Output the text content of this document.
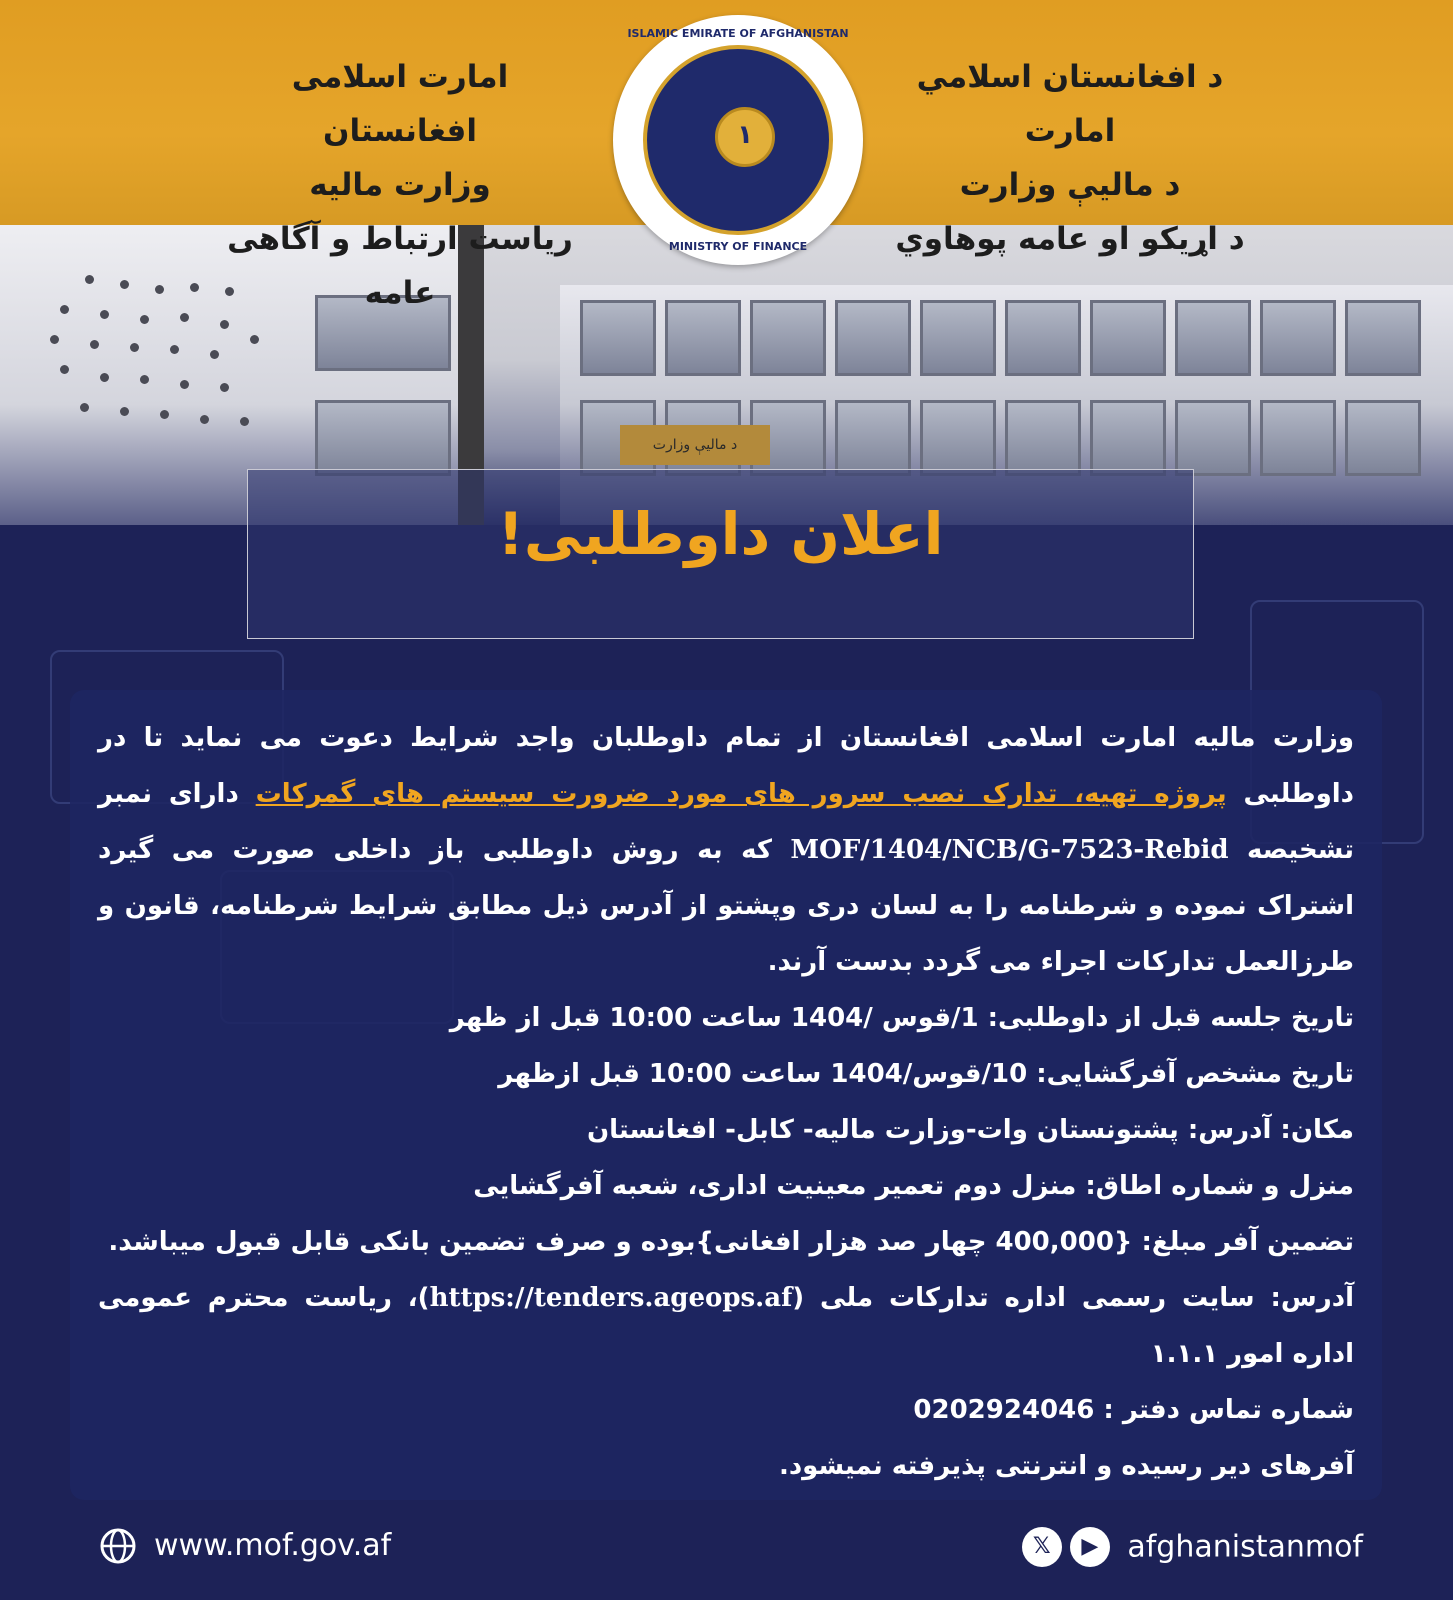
د ماليې وزارت
امارت اسلامی افغانستان
وزارت مالیه
ریاست ارتباط و آگاهی عامه
د افغانستان اسلامي امارت
د ماليې وزارت
د اړيکو او عامه پوهاوي
ISLAMIC EMIRATE OF AFGHANISTAN
١
MINISTRY OF FINANCE
اعلان داوطلبی!

وزارت مالیه امارت اسلامی افغانستان از تمام داوطلبان واجد شرایط دعوت می نماید تا در داوطلبی پروژه تهیه، تدارک نصب سرور های مورد ضرورت سیستم های گمرکات دارای نمبر تشخیصه MOF/1404/NCB/G-7523-Rebid که به روش داوطلبی باز داخلی صورت می گیرد اشتراک نموده و شرطنامه را به لسان دری وپشتو از آدرس ذیل مطابق شرایط شرطنامه، قانون و طرزالعمل تدارکات اجراء می گردد بدست آرند.

تاریخ جلسه قبل از داوطلبی: 1/قوس /1404 ساعت 10:00 قبل از ظهر

تاریخ مشخص آفرگشایی: 10/قوس/1404 ساعت 10:00 قبل ازظهر

مکان: آدرس: پشتونستان وات-وزارت مالیه- کابل- افغانستان

منزل و شماره اطاق: منزل دوم تعمیر معینیت اداری، شعبه آفرگشایی

تضمین آفر مبلغ: {400,000 چهار صد هزار افغانی}بوده و صرف تضمین بانکی قابل قبول میباشد.

آدرس: سایت رسمی اداره تدارکات ملی (https://tenders.ageops.af)، ریاست محترم عمومی اداره امور ۱.۱.۱

شماره تماس دفتر : 0202924046

آفرهای دیر رسیده و انترنتی پذیرفته نمیشود.

www.mof.gov.af	𝕏 ▶ afghanistanmof
